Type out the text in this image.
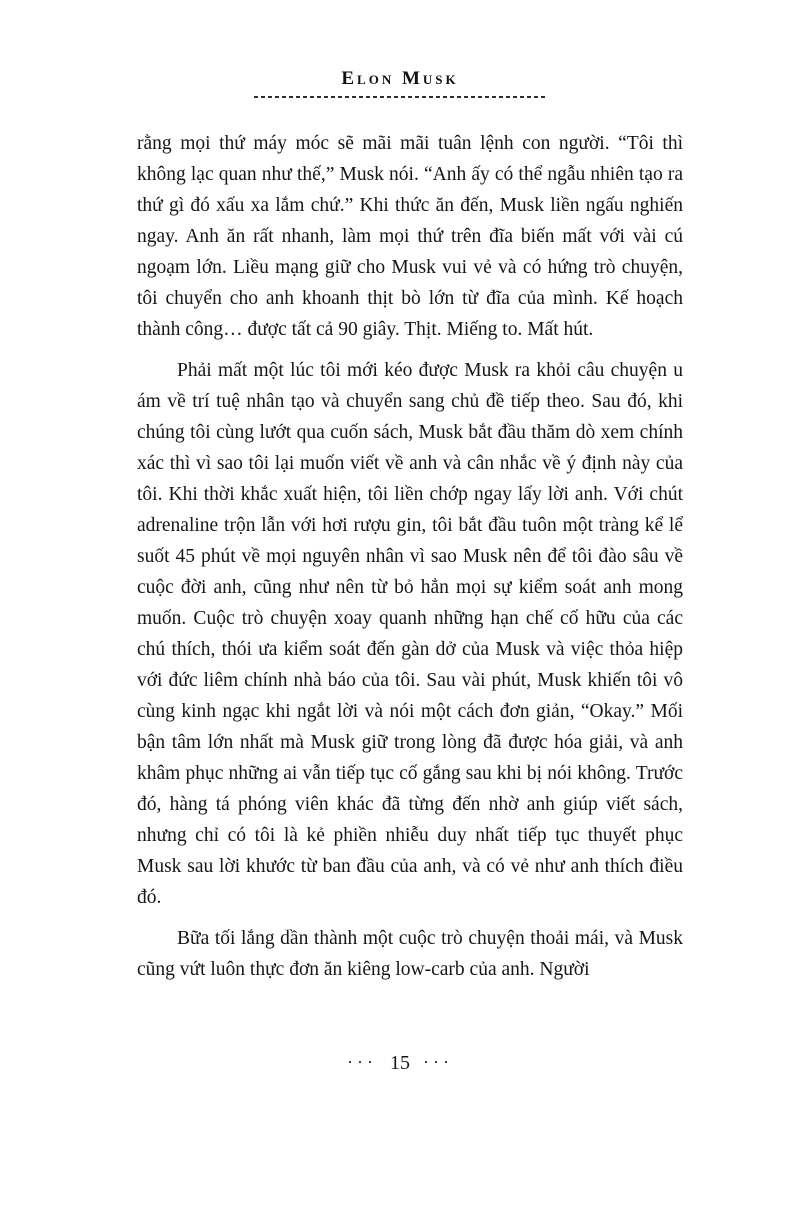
Elon Musk

rằng mọi thứ máy móc sẽ mãi mãi tuân lệnh con người. “Tôi thì không lạc quan như thế,” Musk nói. “Anh ấy có thể ngẫu nhiên tạo ra thứ gì đó xấu xa lắm chứ.” Khi thức ăn đến, Musk liền ngấu nghiến ngay. Anh ăn rất nhanh, làm mọi thứ trên đĩa biến mất với vài cú ngoạm lớn. Liều mạng giữ cho Musk vui vẻ và có hứng trò chuyện, tôi chuyển cho anh khoanh thịt bò lớn từ đĩa của mình. Kế hoạch thành công… được tất cả 90 giây. Thịt. Miếng to. Mất hút.

Phải mất một lúc tôi mới kéo được Musk ra khỏi câu chuyện u ám về trí tuệ nhân tạo và chuyển sang chủ đề tiếp theo. Sau đó, khi chúng tôi cùng lướt qua cuốn sách, Musk bắt đầu thăm dò xem chính xác thì vì sao tôi lại muốn viết về anh và cân nhắc về ý định này của tôi. Khi thời khắc xuất hiện, tôi liền chớp ngay lấy lời anh. Với chút adrenaline trộn lẫn với hơi rượu gin, tôi bắt đầu tuôn một tràng kể lể suốt 45 phút về mọi nguyên nhân vì sao Musk nên để tôi đào sâu về cuộc đời anh, cũng như nên từ bỏ hẳn mọi sự kiểm soát anh mong muốn. Cuộc trò chuyện xoay quanh những hạn chế cố hữu của các chú thích, thói ưa kiểm soát đến gàn dở của Musk và việc thỏa hiệp với đức liêm chính nhà báo của tôi. Sau vài phút, Musk khiến tôi vô cùng kinh ngạc khi ngắt lời và nói một cách đơn giản, “Okay.” Mối bận tâm lớn nhất mà Musk giữ trong lòng đã được hóa giải, và anh khâm phục những ai vẫn tiếp tục cố gắng sau khi bị nói không. Trước đó, hàng tá phóng viên khác đã từng đến nhờ anh giúp viết sách, nhưng chỉ có tôi là kẻ phiền nhiễu duy nhất tiếp tục thuyết phục Musk sau lời khước từ ban đầu của anh, và có vẻ như anh thích điều đó.

Bữa tối lắng dần thành một cuộc trò chuyện thoải mái, và Musk cũng vứt luôn thực đơn ăn kiêng low-carb của anh. Người

··· 15 ···
